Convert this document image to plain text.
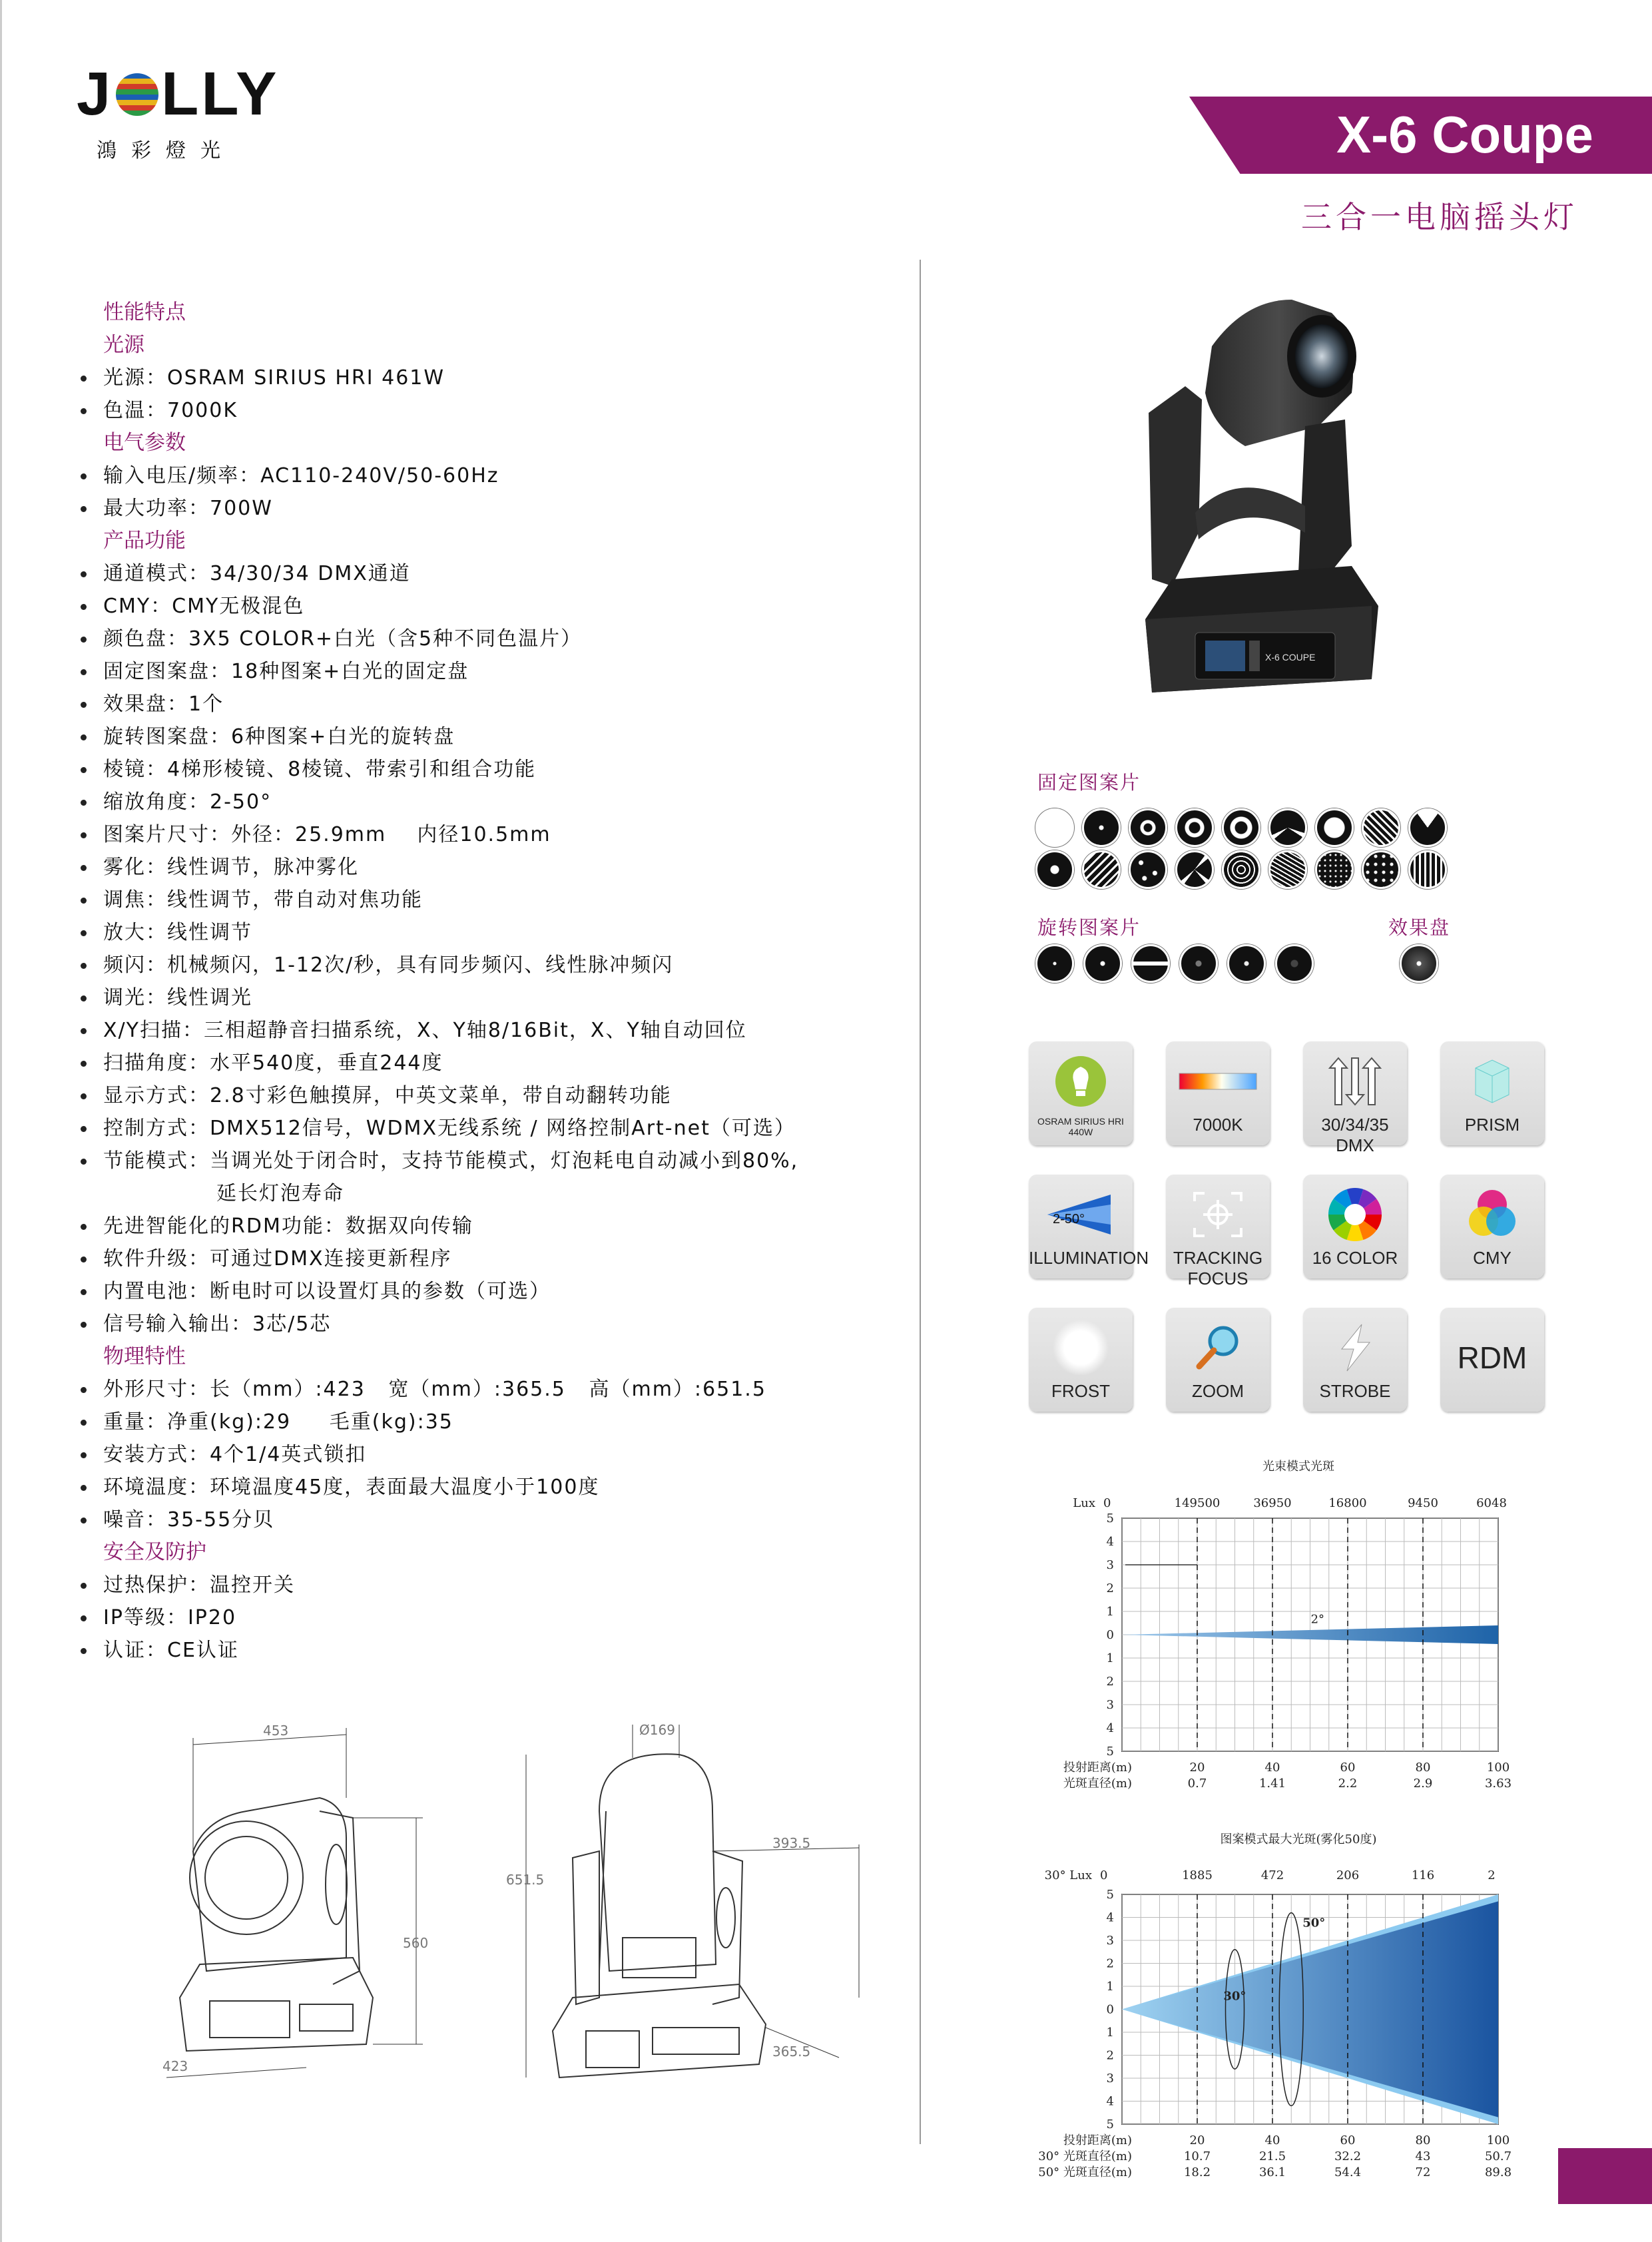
J LLY
鴻彩燈光	X-6 Coupe
三合一电脑摇头灯
性能特点
光源
光源：OSRAM SIRIUS HRI 461W
色温：7000K
电气参数
输入电压/频率：AC110-240V/50-60Hz
最大功率：700W
产品功能
通道模式：34/30/34 DMX通道
CMY：CMY无极混色
颜色盘：3X5 COLOR+白光（含5种不同色温片）
固定图案盘：18种图案+白光的固定盘
效果盘：1个
旋转图案盘：6种图案+白光的旋转盘
棱镜：4梯形棱镜、8棱镜、带索引和组合功能
缩放角度：2-50°
图案片尺寸：外径：25.9mm    内径10.5mm
雾化：线性调节，脉冲雾化
调焦：线性调节，带自动对焦功能
放大：线性调节
频闪：机械频闪，1-12次/秒，具有同步频闪、线性脉冲频闪
调光：线性调光
X/Y扫描：三相超静音扫描系统，X、Y轴8/16Bit，X、Y轴自动回位
扫描角度：水平540度，垂直244度
显示方式：2.8寸彩色触摸屏，中英文菜单，带自动翻转功能
控制方式：DMX512信号，WDMX无线系统 / 网络控制Art-net（可选）
节能模式：当调光处于闭合时，支持节能模式，灯泡耗电自动减小到80%,
延长灯泡寿命
先进智能化的RDM功能：数据双向传输
软件升级：可通过DMX连接更新程序
内置电池：断电时可以设置灯具的参数（可选）
信号输入输出：3芯/5芯
物理特性
外形尺寸：长（mm）:423   宽（mm）:365.5   高（mm）:651.5
重量：净重(kg):29     毛重(kg):35
安装方式：4个1/4英式锁扣
环境温度：环境温度45度，表面最大温度小于100度
噪音：35-55分贝
安全及防护
过热保护：温控开关
IP等级：IP20
认证：CE认证
X-6 COUPE
固定图案片
旋转图案片	效果盘
OSRAM SIRIUS HRI 440W	7000K	30/34/35 DMX
PRISM
2-50°
ILLUMINATION	TRACKING FOCUS
16 COLOR	CMY
FROST	ZOOM	STROBE
RDM
453
560
423
Ø169
651.5
393.5
365.5
光束模式光斑
Lux
5
4
3
2
1
0
1
2
3
4
5
0	149500	36950	16800	9450	6048
投射距离(m)	20	40	60	80	100
光斑直径(m)	0.7	1.41	2.2	2.9	3.63
2°
图案模式最大光斑(雾化50度)
30° Lux
5
4
3
2
1
0
1
2
3
4
5
0	1885	472	206	116	2
投射距离(m)	20	40	60	80	100
30° 光斑直径(m)	10.7	21.5	32.2	43	50.7
50° 光斑直径(m)	18.2	36.1	54.4	72	89.8
50°
30°
